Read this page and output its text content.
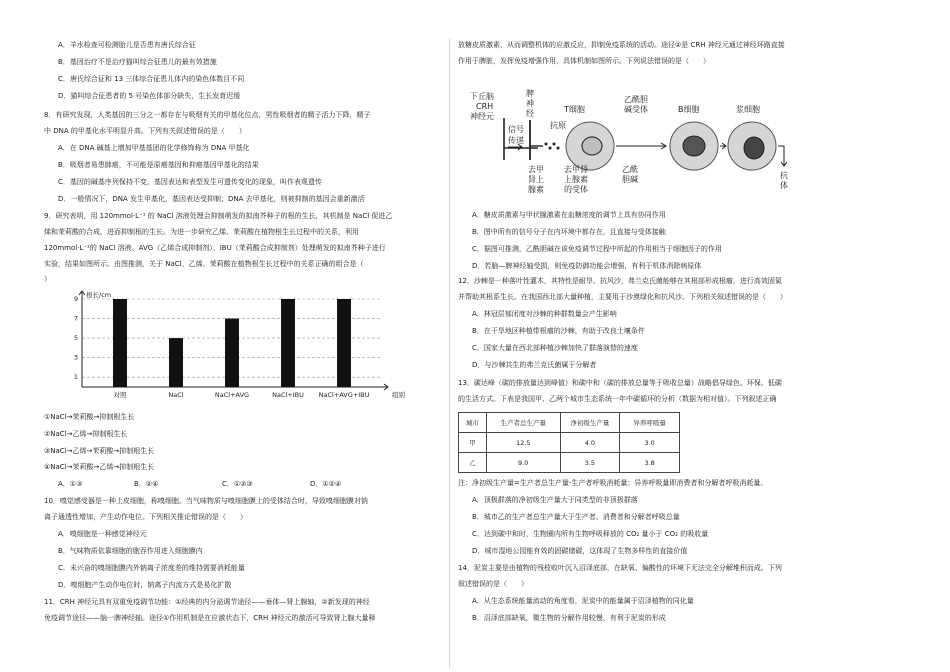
A．羊水检查可检测胎儿是否患有唐氏综合征
B．基因治疗不是治疗猫叫综合征患儿的最有效措施
C．唐氏综合征和 13 三体综合征患儿体内的染色体数目不同
D．猫叫综合征患者的 5 号染色体部分缺失，生长发育迟缓
8．有研究发现，人类基因的三分之一都存在与吸烟有关的甲基化位点，男性吸烟者的精子活力下降，精子
中 DNA 的甲基化水平明显升高。下列有关叙述错误的是（　　）
A．在 DNA 碱基上增加甲基基团的化学修饰称为 DNA 甲基化
B．吸烟者易患肺癌，不可能是原癌基因和抑癌基因甲基化的结果
C．基因的碱基序列保持不变，基因表达和表型发生可遗传变化的现象，叫作表观遗传
D．一般情况下，DNA 发生甲基化，基因表达受抑制；DNA 去甲基化，则被抑制的基因会重新激活
9．研究表明，用 120mmol·L⁻¹ 的 NaCl 溶液处理会抑制萌发的拟南芥种子的根的生长，其机制是 NaCl 促进乙
烯和茉莉酸的合成，进而抑制根的生长。为进一步研究乙烯、茉莉酸在植物根生长过程中的关系，利用
120mmol·L⁻¹的 NaCl 溶液、AVG（乙烯合成抑制剂）、IBU（茉莉酸合成抑制剂）处理萌发的拟南芥种子进行
实验，结果如图所示。由图推测，关于 NaCl、乙烯、茉莉酸在植物根生长过程中的关系正确的组合是（
）
1
3
5
7
9 根长/cm
组别
对照	NaCl	NaCl+AVG	NaCl+IBU NaCl+AVG+IBU
①NaCl→茉莉酸→抑制根生长
②NaCl→乙烯→抑制根生长
③NaCl→乙烯→茉莉酸→抑制根生长
④NaCl→茉莉酸→乙烯→抑制根生长
A．①③	B．②④	C．①②③	D．①②④
10．嗅觉感受器是一种上皮细胞，称嗅细胞。当气味物质与嗅细胞膜上的受体结合时，导致嗅细胞膜对钠
离子通透性增加，产生动作电位。下列相关推论错误的是（　　）
A．嗅细胞是一种感觉神经元
B．气味物质依靠细胞的胞吞作用进入细胞膜内
C．未兴奋的嗅细胞膜内外钠离子浓度差的维持需要消耗能量
D．嗅细胞产生动作电位时，钠离子内流方式是易化扩散
11．CRH 神经元具有双重免疫调节功能：①经典的内分泌调节途径——垂体—肾上腺轴，②新发现的神经
免疫调节途径——脑一脾神经轴。途径①作用机制是在应激状态下，CRH 神经元的激活可导致肾上腺大量释
放糖皮质激素，从而调整机体的应激反应，抑制免疫系统的活动。途径②是 CRH 神经元通过神经环路直接
作用于脾脏，发挥免疫增强作用，具体机制如图所示。下列说法错误的是（　　）
下丘脑
CRH
神经元
脾
神
经
信号
传递
T细胞
抗原
乙酰胆
碱受体	B细胞	浆细胞
去甲
肾上
腺素
去甲肾
上腺素
的受体
乙酰
胆碱	抗
体
A．糖皮质激素与甲状腺激素在血糖浓度的调节上具有协同作用
B．图中所有的信号分子在内环境中都存在，且直接与受体接触
C．据图可推测，乙酰胆碱在该免疫调节过程中所起的作用相当于细胞因子的作用
D．若脑—脾神经轴受损，则免疫防御功能会增强，有利于机体消除病原体
12．沙棘是一种落叶性灌木，其特性是耐旱、抗风沙，弗兰克氏菌能够在其根部形成根瘤，进行高效固氮
并帮助其根系生长。在我国西北部大量种植，主要用于沙漠绿化和抗风沙。下列相关叙述错误的是（　　）
A．林冠层郁闭度对沙棘的种群数量会产生影响
B．在干旱地区种植带根瘤的沙棘，有助于改良土壤条件
C．国家大量在西北部种植沙棘加快了群落演替的速度
D．与沙棘共生的弗兰克氏菌属于分解者
13．碳达峰（碳的排放量达到峰值）和碳中和（碳的排放总量等于吸收总量）战略倡导绿色、环保、低碳
的生活方式。下表是我国甲、乙两个城市生态系统一年中碳循环的分析（数据为相对值）。下列叙述正确
城市	生产者总生产量	净初级生产量	异养呼吸量
甲	12.5	4.0	3.0
乙	9.0	3.5	3.8
注：净初级生产量=生产者总生产量-生产者呼吸消耗量；异养呼吸量即消费者和分解者呼吸消耗量。
A．顶极群落的净初级生产量大于同类型的非顶极群落
B．城市乙的生产者总生产量大于生产者、消费者和分解者呼吸总量
C．达到碳中和时，生物圈内所有生物呼吸释放的 CO₂ 量小于 CO₂ 的吸收量
D．城市湿地公园能有效的固碳储碳，这体现了生物多样性的直接价值
14．泥炭主要是由植物的残枝败叶沉入沼泽底部，在缺氧、偏酸性的环境下无法完全分解堆积而成。下列
叙述错误的是（　　）
A．从生态系统能量流动的角度看，泥炭中的能量属于沼泽植物的同化量
B．沼泽底部缺氧，微生物的分解作用较慢，有利于泥炭的形成
